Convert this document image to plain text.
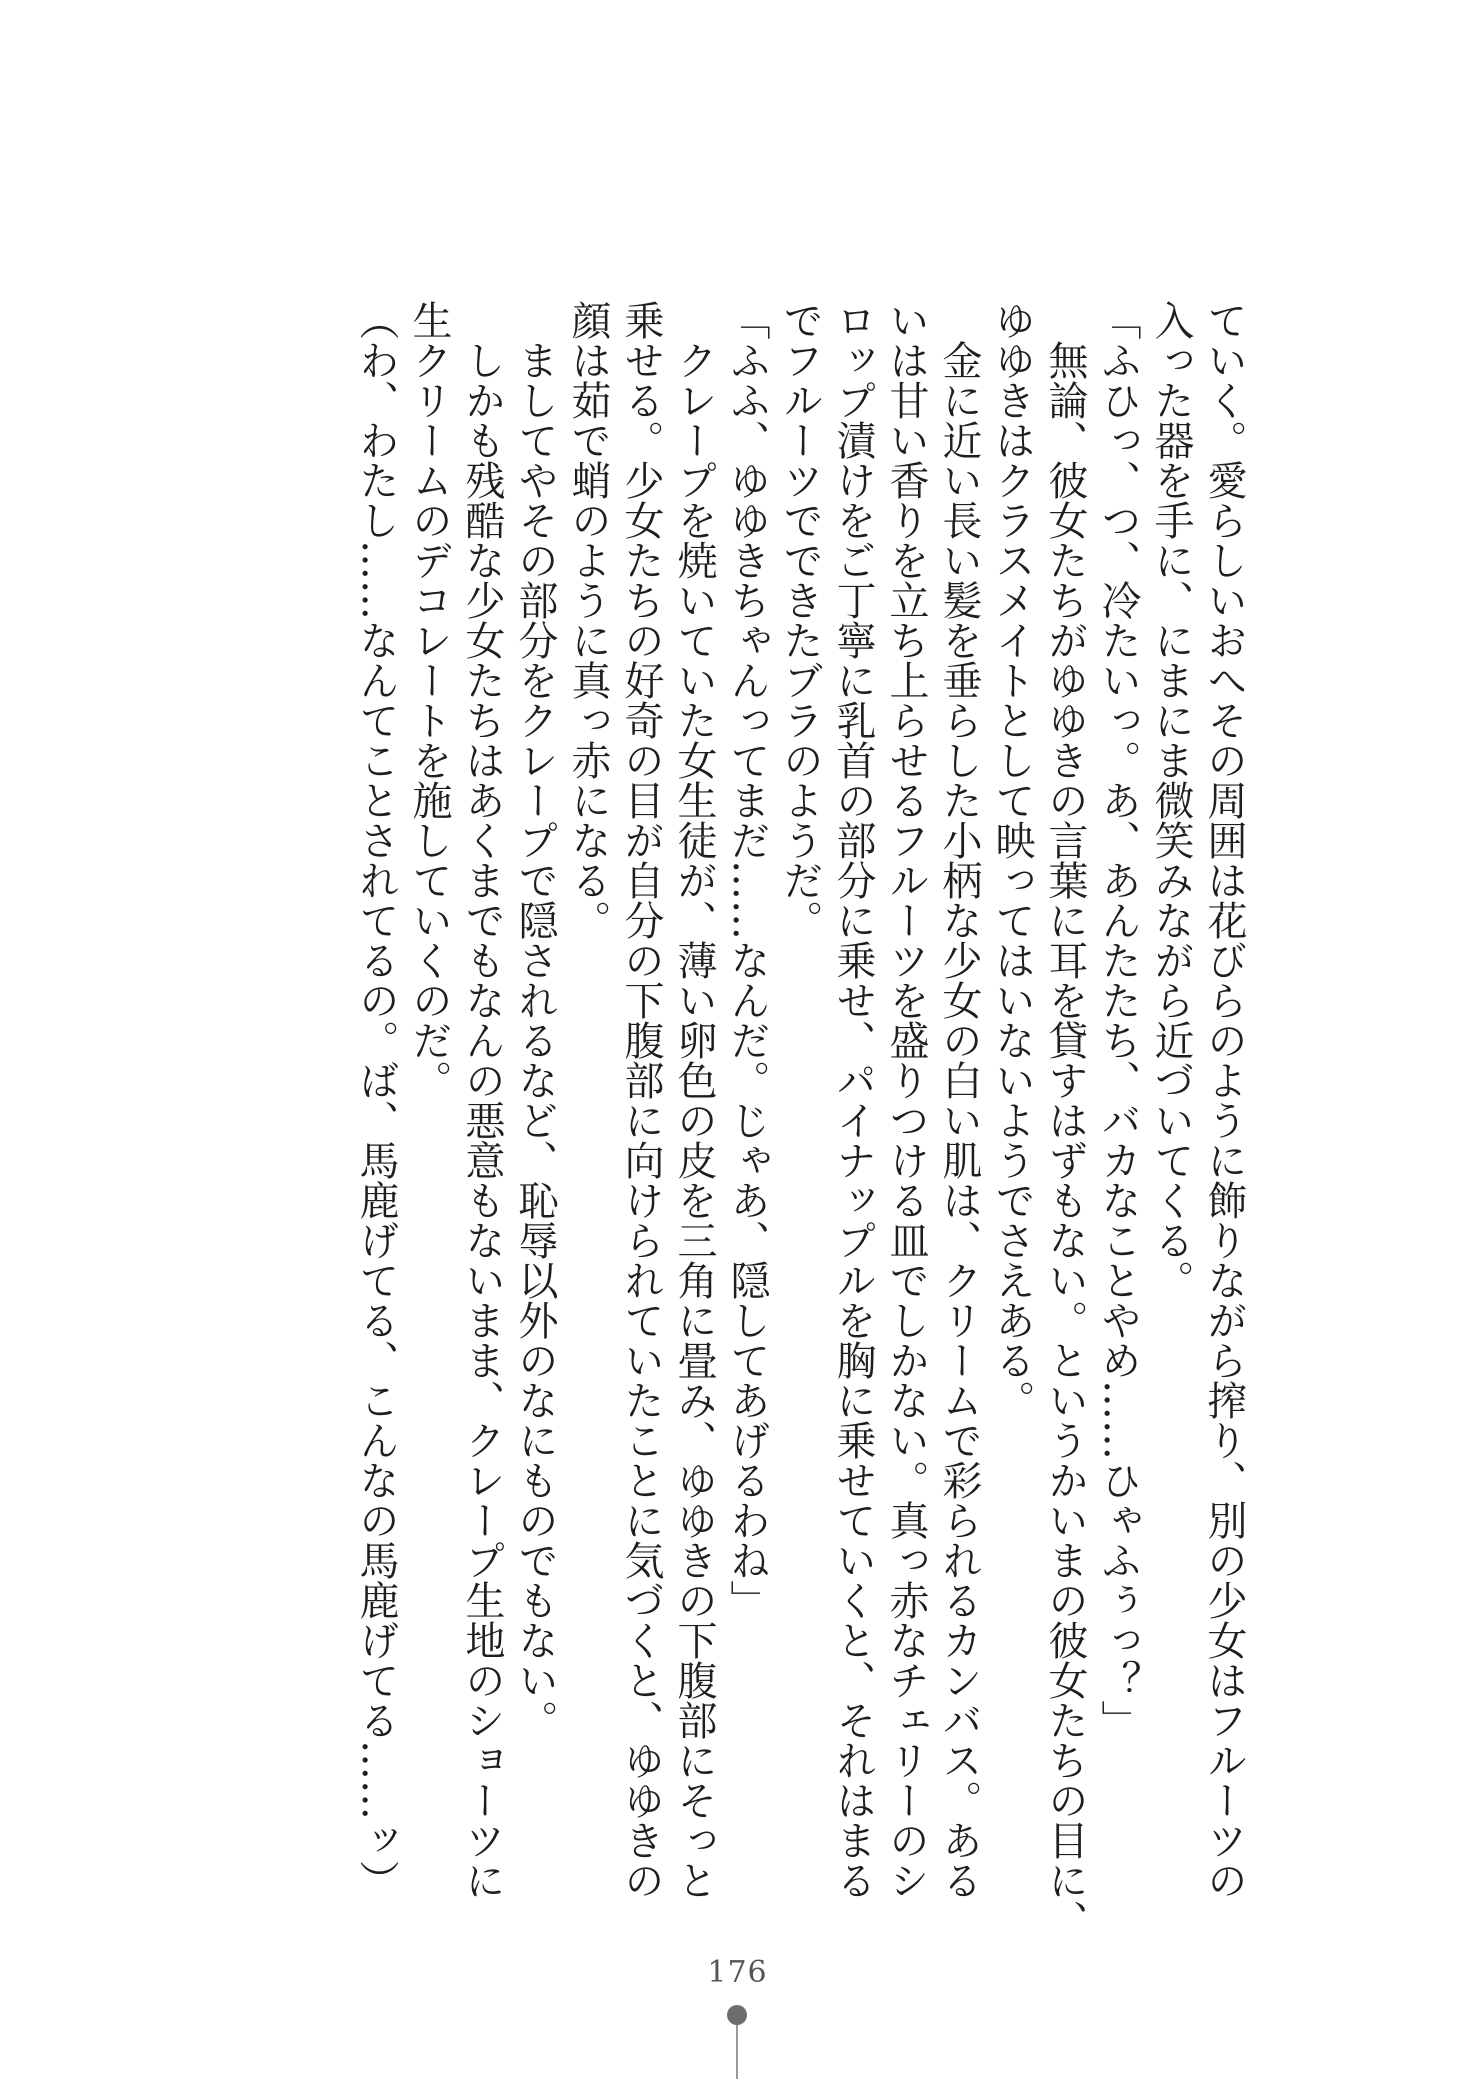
ていく。愛らしいおへその周囲は花びらのように飾りながら搾り、別の少女はフルーツの
入った器を手に、にまにま微笑みながら近づいてくる。
「ふひっ、つ、冷たいっ。あ、あんたたち、バカなことやめ……ひゃふぅっ？」
　無論、彼女たちがゆゆきの言葉に耳を貸すはずもない。というかいまの彼女たちの目に、
ゆゆきはクラスメイトとして映ってはいないようでさえある。
　金に近い長い髪を垂らした小柄な少女の白い肌は、クリームで彩られるカンバス。ある
いは甘い香りを立ち上らせるフルーツを盛りつける皿でしかない。真っ赤なチェリーのシ
ロップ漬けをご丁寧に乳首の部分に乗せ、パイナップルを胸に乗せていくと、それはまる
でフルーツでできたブラのようだ。
「ふふ、ゆゆきちゃんってまだ……なんだ。じゃあ、隠してあげるわね」
　クレープを焼いていた女生徒が、薄い卵色の皮を三角に畳み、ゆゆきの下腹部にそっと
乗せる。少女たちの好奇の目が自分の下腹部に向けられていたことに気づくと、ゆゆきの
顔は茹で蛸のように真っ赤になる。
　ましてやその部分をクレープで隠されるなど、恥辱以外のなにものでもない。
　しかも残酷な少女たちはあくまでもなんの悪意もないまま、クレープ生地のショーツに
生クリームのデコレートを施していくのだ。
（わ、わたし……なんてことされてるの。ば、馬鹿げてる、こんなの馬鹿げてる……ッ）
176
